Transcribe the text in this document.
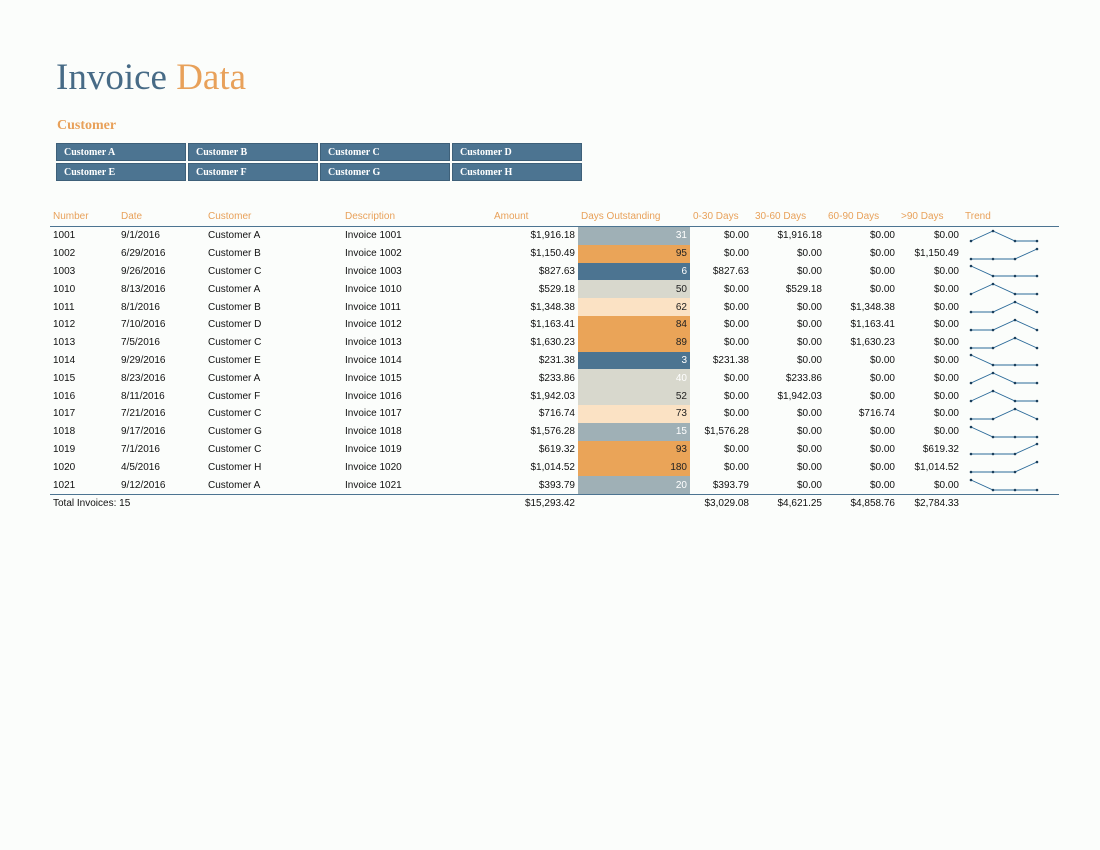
Invoice Data
Customer
Customer A	Customer B	Customer C	Customer D
Customer E	Customer F	Customer G	Customer H
Number	Date	Customer	Description	Amount	Days Outstanding	0-30 Days	30-60 Days	60-90 Days	>90 Days	Trend
1001	9/1/2016	Customer A	Invoice 1001	$1,916.18	31	$0.00	$1,916.18	$0.00	$0.00	

1002	6/29/2016	Customer B	Invoice 1002	$1,150.49	95	$0.00	$0.00	$0.00	$1,150.49	

1003	9/26/2016	Customer C	Invoice 1003	$827.63	6	$827.63	$0.00	$0.00	$0.00	

1010	8/13/2016	Customer A	Invoice 1010	$529.18	50	$0.00	$529.18	$0.00	$0.00	

1011	8/1/2016	Customer B	Invoice 1011	$1,348.38	62	$0.00	$0.00	$1,348.38	$0.00	

1012	7/10/2016	Customer D	Invoice 1012	$1,163.41	84	$0.00	$0.00	$1,163.41	$0.00	

1013	7/5/2016	Customer C	Invoice 1013	$1,630.23	89	$0.00	$0.00	$1,630.23	$0.00	

1014	9/29/2016	Customer E	Invoice 1014	$231.38	3	$231.38	$0.00	$0.00	$0.00	

1015	8/23/2016	Customer A	Invoice 1015	$233.86	40	$0.00	$233.86	$0.00	$0.00	

1016	8/11/2016	Customer F	Invoice 1016	$1,942.03	52	$0.00	$1,942.03	$0.00	$0.00	

1017	7/21/2016	Customer C	Invoice 1017	$716.74	73	$0.00	$0.00	$716.74	$0.00	

1018	9/17/2016	Customer G	Invoice 1018	$1,576.28	15	$1,576.28	$0.00	$0.00	$0.00	

1019	7/1/2016	Customer C	Invoice 1019	$619.32	93	$0.00	$0.00	$0.00	$619.32	

1020	4/5/2016	Customer H	Invoice 1020	$1,014.52	180	$0.00	$0.00	$0.00	$1,014.52	

1021	9/12/2016	Customer A	Invoice 1021	$393.79	20	$393.79	$0.00	$0.00	$0.00	

Total Invoices: 15				$15,293.42		$3,029.08	$4,621.25	$4,858.76	$2,784.33	
